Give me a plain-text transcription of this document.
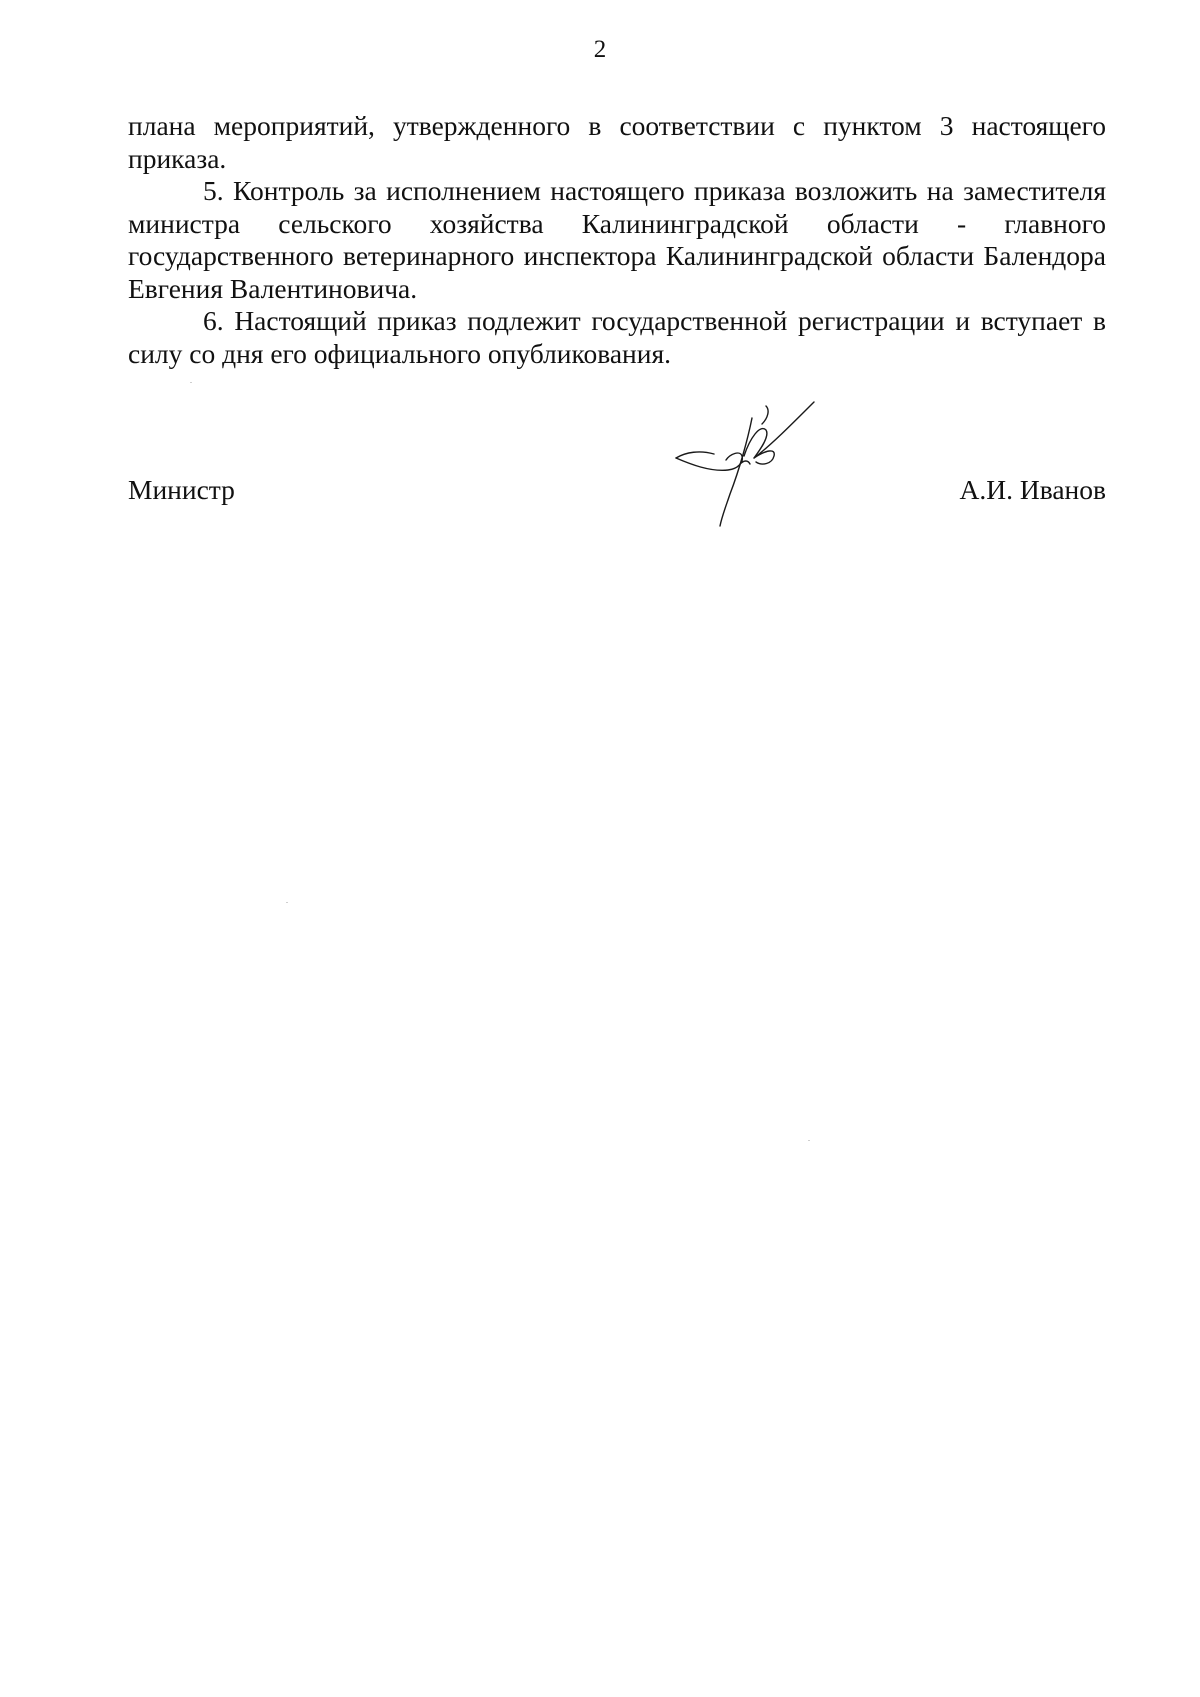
2

плана мероприятий, утвержденного в соответствии с пунктом 3 настоящего приказа.

5. Контроль за исполнением настоящего приказа возложить на заместителя министра сельского хозяйства Калининградской области - главного государственного ветеринарного инспектора Калининградской области Балендора Евгения Валентиновича.

6. Настоящий приказ подлежит государственной регистрации и вступает в силу со дня его официального опубликования.

Министр	А.И. Иванов
